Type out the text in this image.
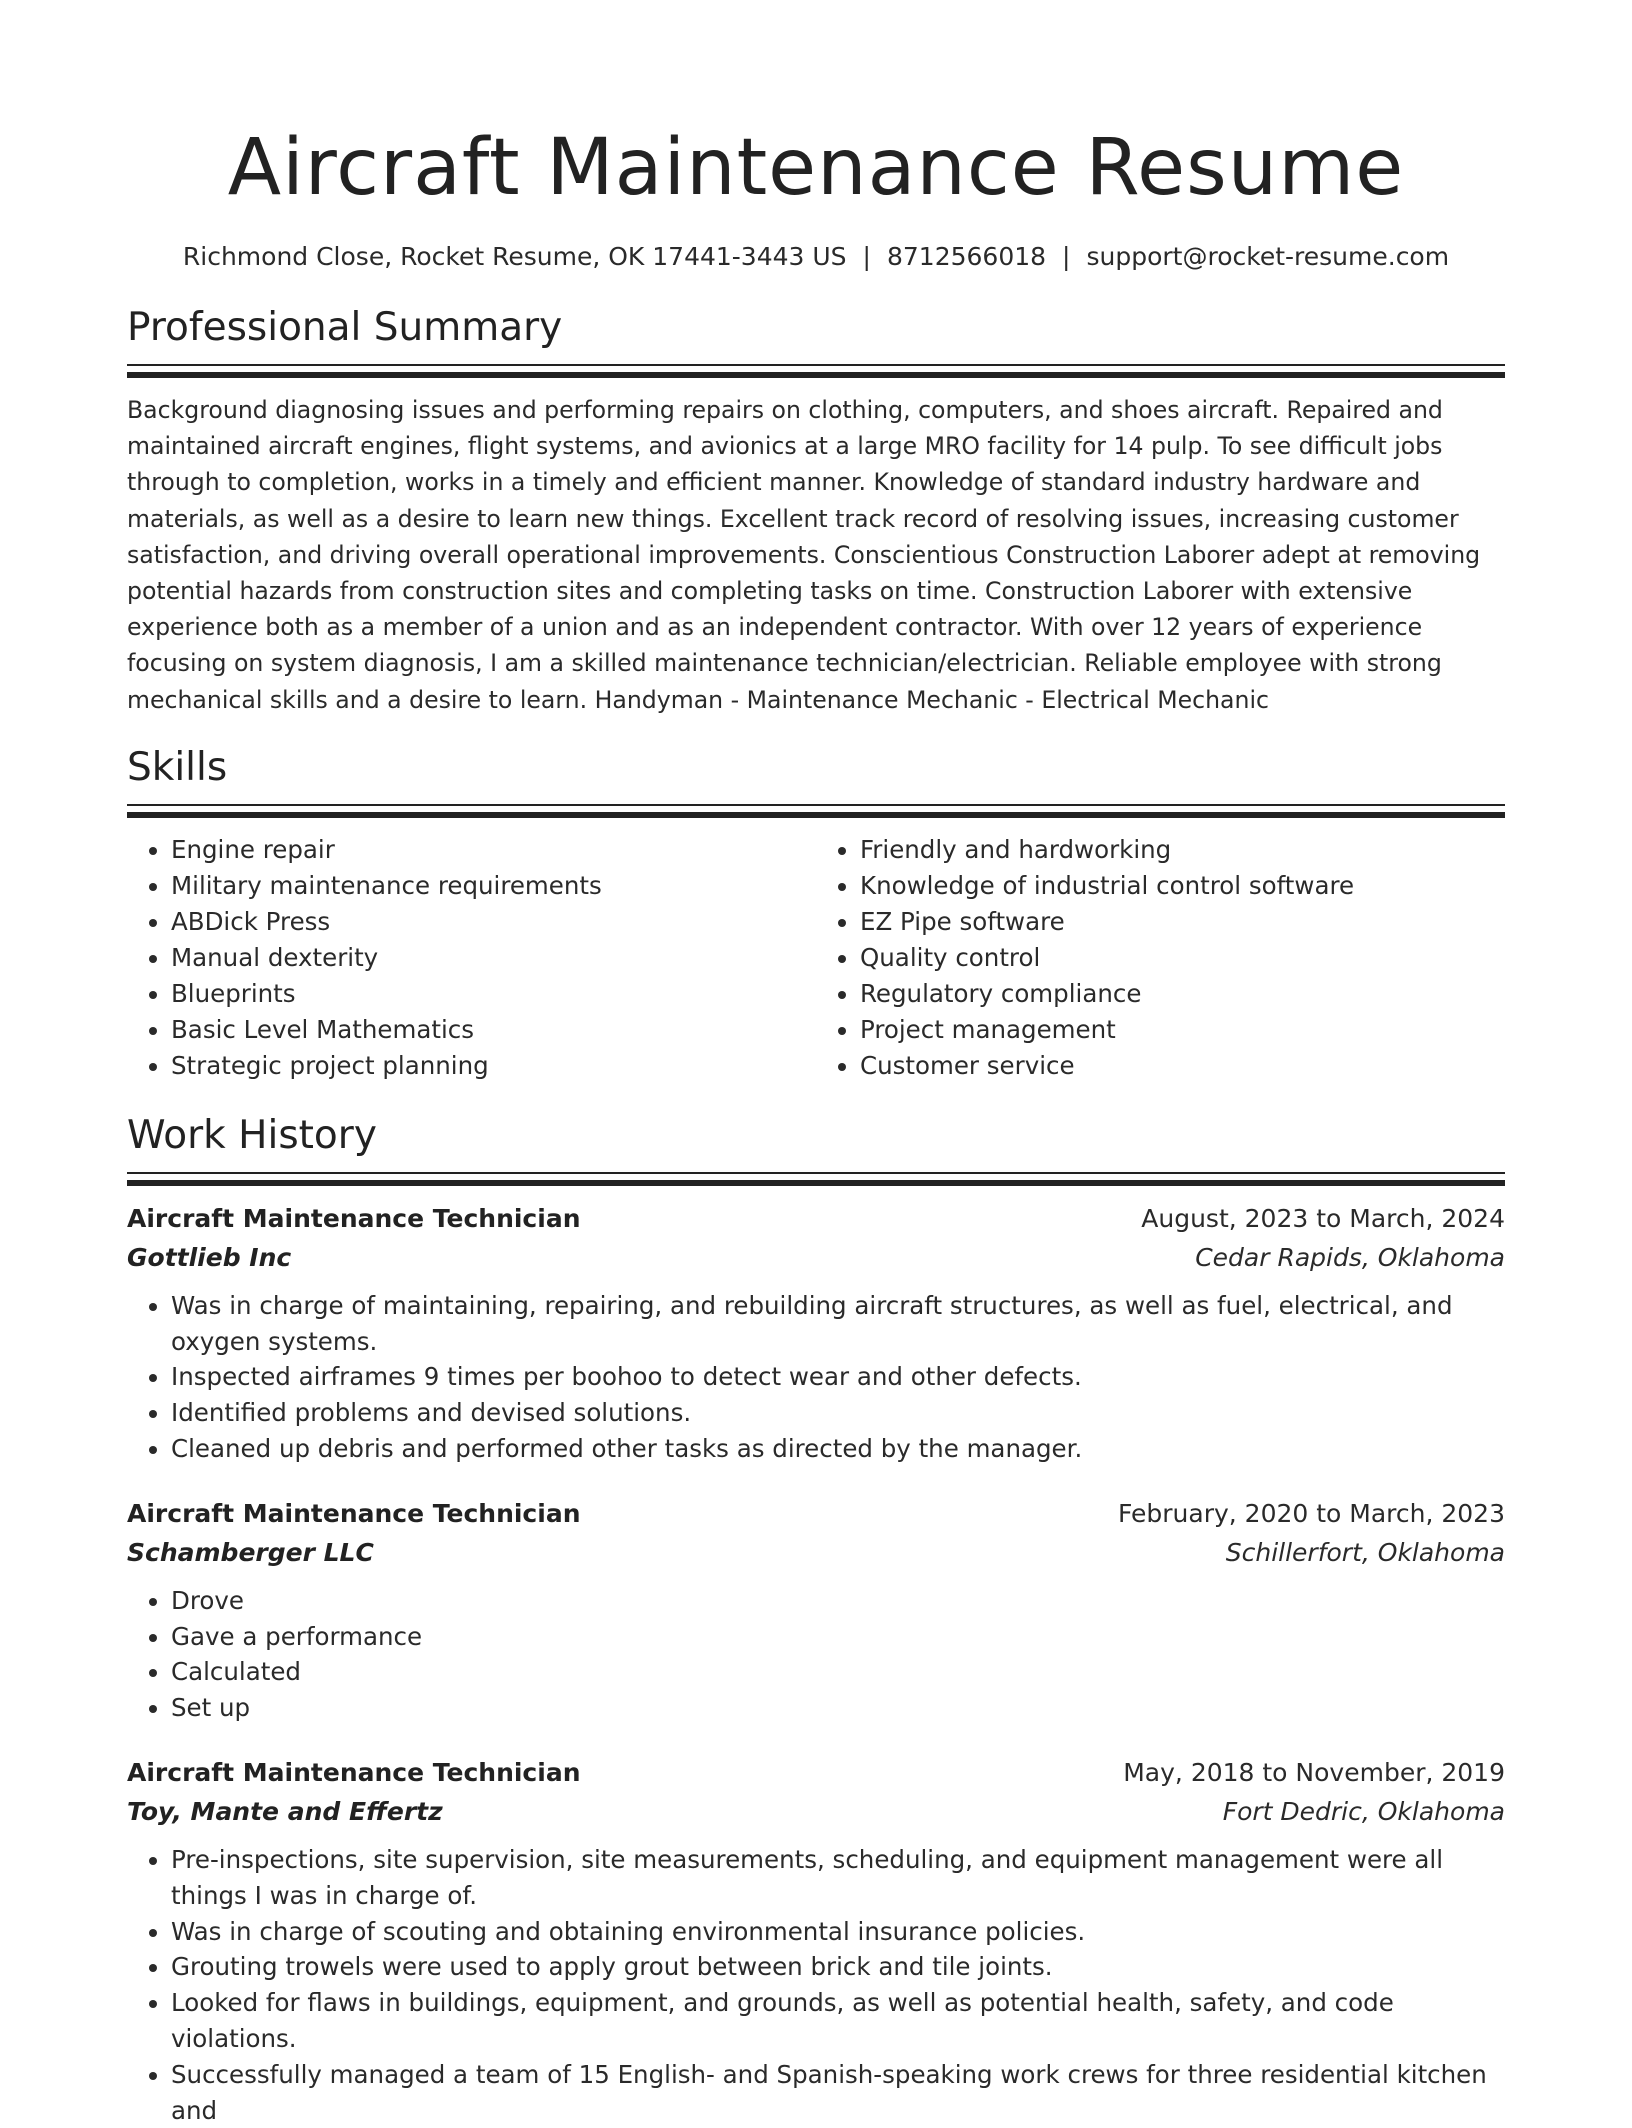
Aircraft Maintenance Resume
Richmond Close, Rocket Resume, OK 17441-3443 US | 8712566018 | support@rocket-resume.com
Professional Summary

Background diagnosing issues and performing repairs on clothing, computers, and shoes aircraft. Repaired and maintained aircraft engines, flight systems, and avionics at a large MRO facility for 14 pulp. To see difficult jobs through to completion, works in a timely and efficient manner. Knowledge of standard industry hardware and materials, as well as a desire to learn new things. Excellent track record of resolving issues, increasing customer satisfaction, and driving overall operational improvements. Conscientious Construction Laborer adept at removing potential hazards from construction sites and completing tasks on time. Construction Laborer with extensive experience both as a member of a union and as an independent contractor. With over 12 years of experience focusing on system diagnosis, I am a skilled maintenance technician/electrician. Reliable employee with strong mechanical skills and a desire to learn. Handyman - Maintenance Mechanic - Electrical Mechanic

Skills
• Engine repair
• Military maintenance requirements
• ABDick Press
• Manual dexterity
• Blueprints
• Basic Level Mathematics
• Strategic project planning
• Friendly and hardworking
• Knowledge of industrial control software
• EZ Pipe software
• Quality control
• Regulatory compliance
• Project management
• Customer service
Work History
Aircraft Maintenance Technician	August, 2023 to March, 2024
Gottlieb Inc	Cedar Rapids, Oklahoma
• Was in charge of maintaining, repairing, and rebuilding aircraft structures, as well as fuel, electrical, and oxygen systems.
• Inspected airframes 9 times per boohoo to detect wear and other defects.
• Identified problems and devised solutions.
• Cleaned up debris and performed other tasks as directed by the manager.
Aircraft Maintenance Technician	February, 2020 to March, 2023
Schamberger LLC	Schillerfort, Oklahoma
• Drove
• Gave a performance
• Calculated
• Set up
Aircraft Maintenance Technician	May, 2018 to November, 2019
Toy, Mante and Effertz	Fort Dedric, Oklahoma
• Pre-inspections, site supervision, site measurements, scheduling, and equipment management were all things I was in charge of.
• Was in charge of scouting and obtaining environmental insurance policies.
• Grouting trowels were used to apply grout between brick and tile joints.
• Looked for flaws in buildings, equipment, and grounds, as well as potential health, safety, and code violations.
• Successfully managed a team of 15 English- and Spanish-speaking work crews for three residential kitchen and
